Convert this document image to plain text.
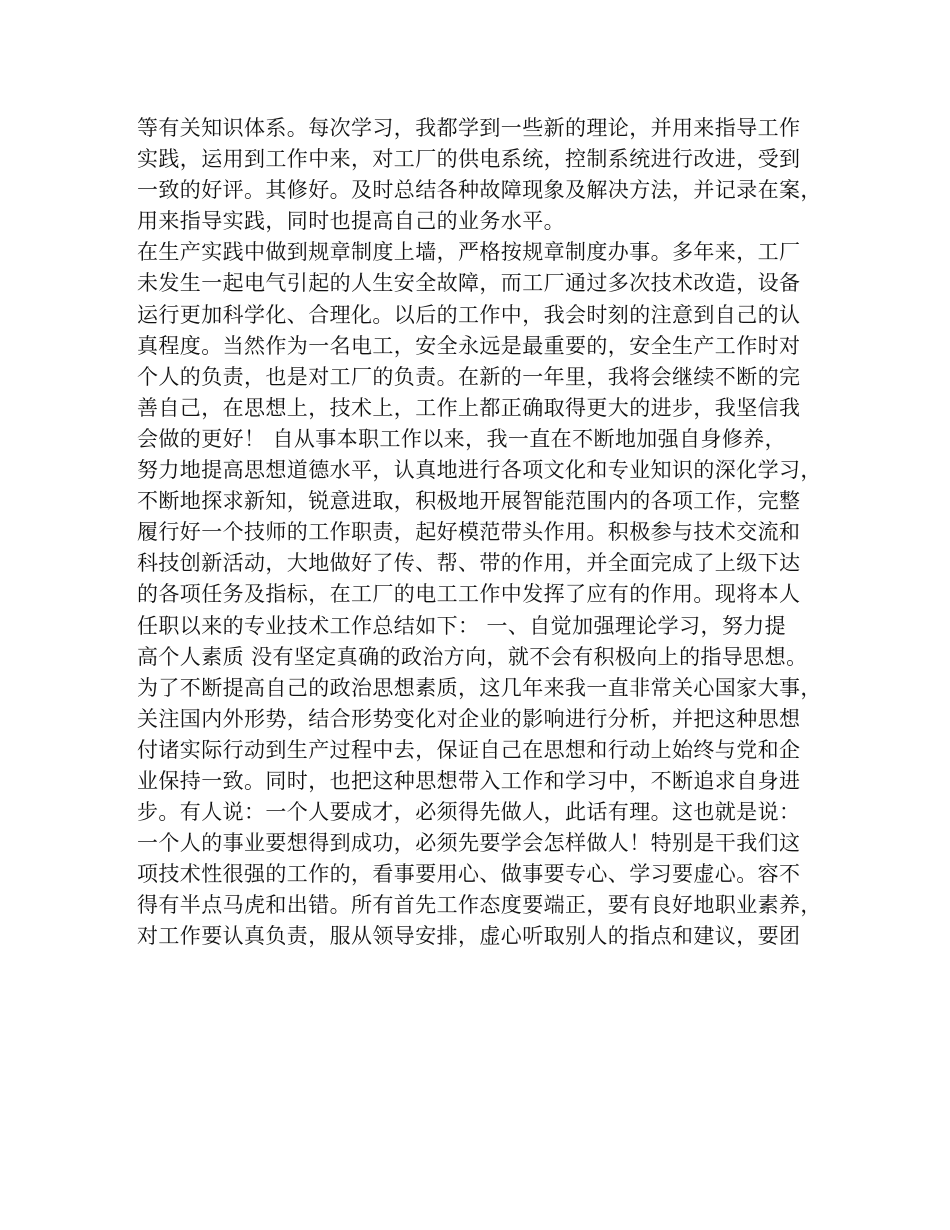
等有关知识体系。每次学习，我都学到一些新的理论，并用来指导工作
实践，运用到工作中来，对工厂的供电系统，控制系统进行改进，受到
一致的好评。其修好。及时总结各种故障现象及解决方法，并记录在案，
用来指导实践，同时也提高自己的业务水平。
在生产实践中做到规章制度上墙，严格按规章制度办事。多年来，工厂
未发生一起电气引起的人生安全故障，而工厂通过多次技术改造，设备
运行更加科学化、合理化。以后的工作中，我会时刻的注意到自己的认
真程度。当然作为一名电工，安全永远是最重要的，安全生产工作时对
个人的负责，也是对工厂的负责。在新的一年里，我将会继续不断的完
善自己，在思想上，技术上，工作上都正确取得更大的进步，我坚信我
会做的更好！ 自从事本职工作以来，我一直在不断地加强自身修养，
努力地提高思想道德水平，认真地进行各项文化和专业知识的深化学习，
不断地探求新知，锐意进取，积极地开展智能范围内的各项工作，完整
履行好一个技师的工作职责，起好模范带头作用。积极参与技术交流和
科技创新活动，大地做好了传、帮、带的作用，并全面完成了上级下达
的各项任务及指标，在工厂的电工工作中发挥了应有的作用。现将本人
任职以来的专业技术工作总结如下： 一、自觉加强理论学习，努力提
高个人素质 没有坚定真确的政治方向，就不会有积极向上的指导思想。
为了不断提高自己的政治思想素质，这几年来我一直非常关心国家大事，
关注国内外形势，结合形势变化对企业的影响进行分析，并把这种思想
付诸实际行动到生产过程中去，保证自己在思想和行动上始终与党和企
业保持一致。同时，也把这种思想带入工作和学习中，不断追求自身进
步。有人说：一个人要成才，必须得先做人，此话有理。这也就是说：
一个人的事业要想得到成功，必须先要学会怎样做人！特别是干我们这
项技术性很强的工作的，看事要用心、做事要专心、学习要虚心。容不
得有半点马虎和出错。所有首先工作态度要端正，要有良好地职业素养，
对工作要认真负责，服从领导安排，虚心听取别人的指点和建议，要团
